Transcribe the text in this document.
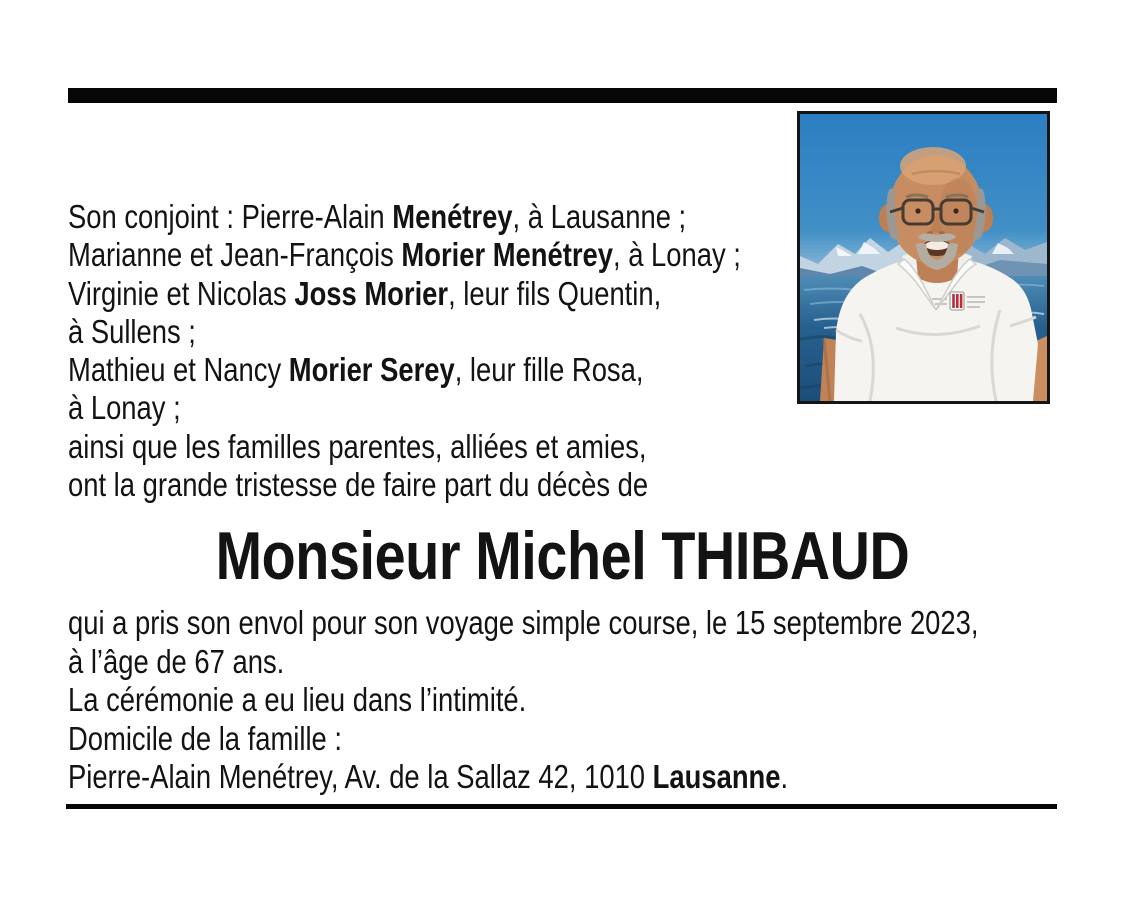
Son conjoint : Pierre-Alain Menétrey, à Lausanne ;

Marianne et Jean-François Morier Menétrey, à Lonay ;

Virginie et Nicolas Joss Morier, leur fils Quentin,

à Sullens ;

Mathieu et Nancy Morier Serey, leur fille Rosa,

à Lonay ;

ainsi que les familles parentes, alliées et amies,

ont la grande tristesse de faire part du décès de

Monsieur Michel THIBAUD

qui a pris son envol pour son voyage simple course, le 15 septembre 2023,

à l’âge de 67 ans.

La cérémonie a eu lieu dans l’intimité.

Domicile de la famille :

Pierre-Alain Menétrey, Av. de la Sallaz 42, 1010 Lausanne.
